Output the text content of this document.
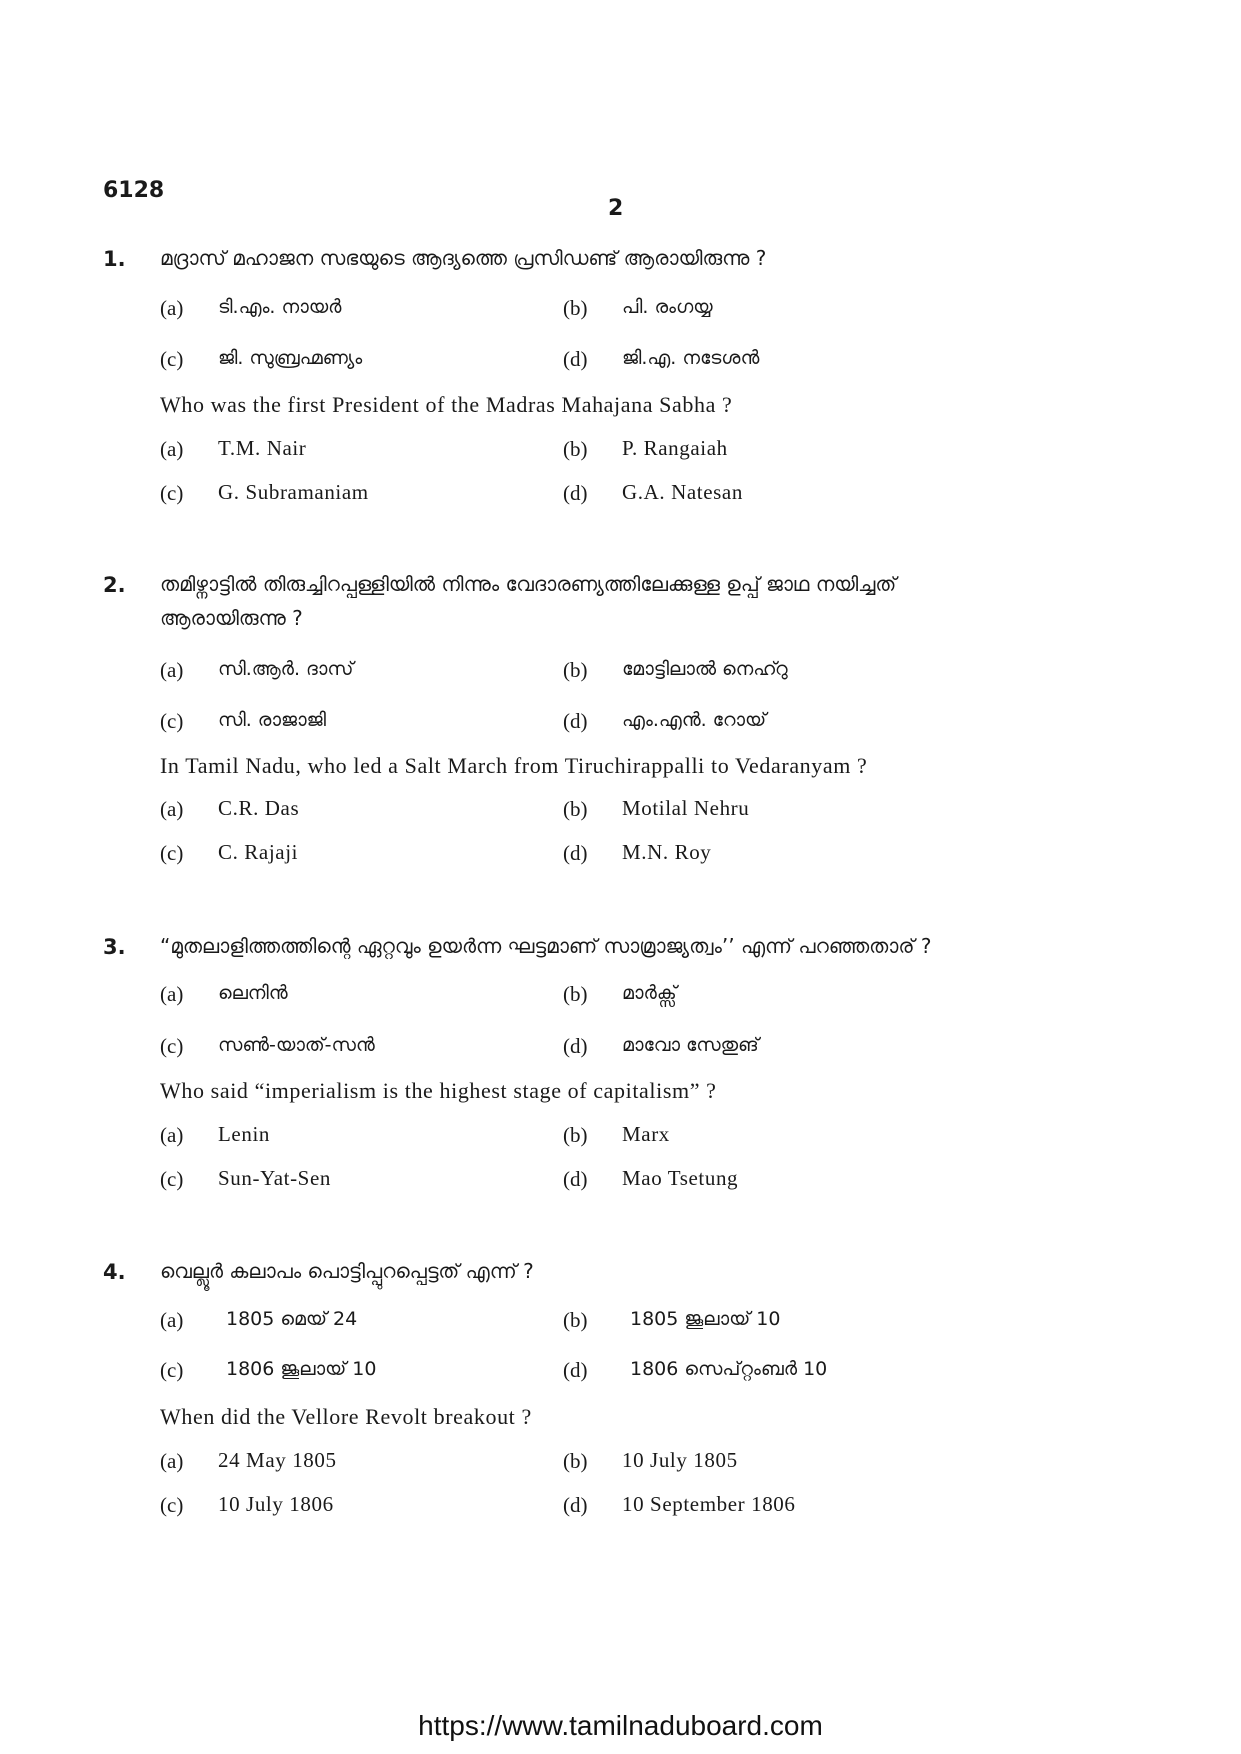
6128
2
1. മദ്രാസ് മഹാജന സഭയുടെ ആദ്യത്തെ പ്രസിഡണ്ട് ആരായിരുന്നു ?
(a) ടി.എം. നായർ	(b) പി. രംഗയ്യ
(c) ജി. സുബ്രഹ്മണ്യം	(d) ജി.എ. നടേശൻ
Who was the first President of the Madras Mahajana Sabha ?
(a) T.M. Nair	(b) P. Rangaiah
(c) G. Subramaniam	(d) G.A. Natesan
2. തമിഴ്നാട്ടിൽ തിരുച്ചിറപ്പള്ളിയിൽ നിന്നും വേദാരണ്യത്തിലേക്കുള്ള ഉപ്പ് ജാഥ നയിച്ചത്
ആരായിരുന്നു ?
(a) സി.ആർ. ദാസ്	(b) മോട്ടിലാൽ നെഹ്റു
(c) സി. രാജാജി	(d) എം.എൻ. റോയ്
In Tamil Nadu, who led a Salt March from Tiruchirappalli to Vedaranyam ?
(a) C.R. Das	(b) Motilal Nehru
(c) C. Rajaji	(d) M.N. Roy
3. “മുതലാളിത്തത്തിന്റെ ഏറ്റവും ഉയർന്ന ഘട്ടമാണ് സാമ്രാജ്യത്വം’’ എന്ന് പറഞ്ഞതാര് ?
(a) ലെനിൻ	(b) മാർക്സ്
(c) സൺ-യാത്-സൻ	(d) മാവോ സേതുങ്
Who said “imperialism is the highest stage of capitalism” ?
(a) Lenin	(b) Marx
(c) Sun-Yat-Sen	(d) Mao Tsetung
4. വെല്ലൂർ കലാപം പൊട്ടിപ്പുറപ്പെട്ടത് എന്ന് ?
(a) 1805 മെയ് 24	(b) 1805 ജൂലായ് 10
(c) 1806 ജൂലായ് 10	(d) 1806 സെപ്റ്റംബർ 10
When did the Vellore Revolt breakout ?
(a) 24 May 1805	(b) 10 July 1805
(c) 10 July 1806	(d) 10 September 1806
https://www.tamilnaduboard.com
